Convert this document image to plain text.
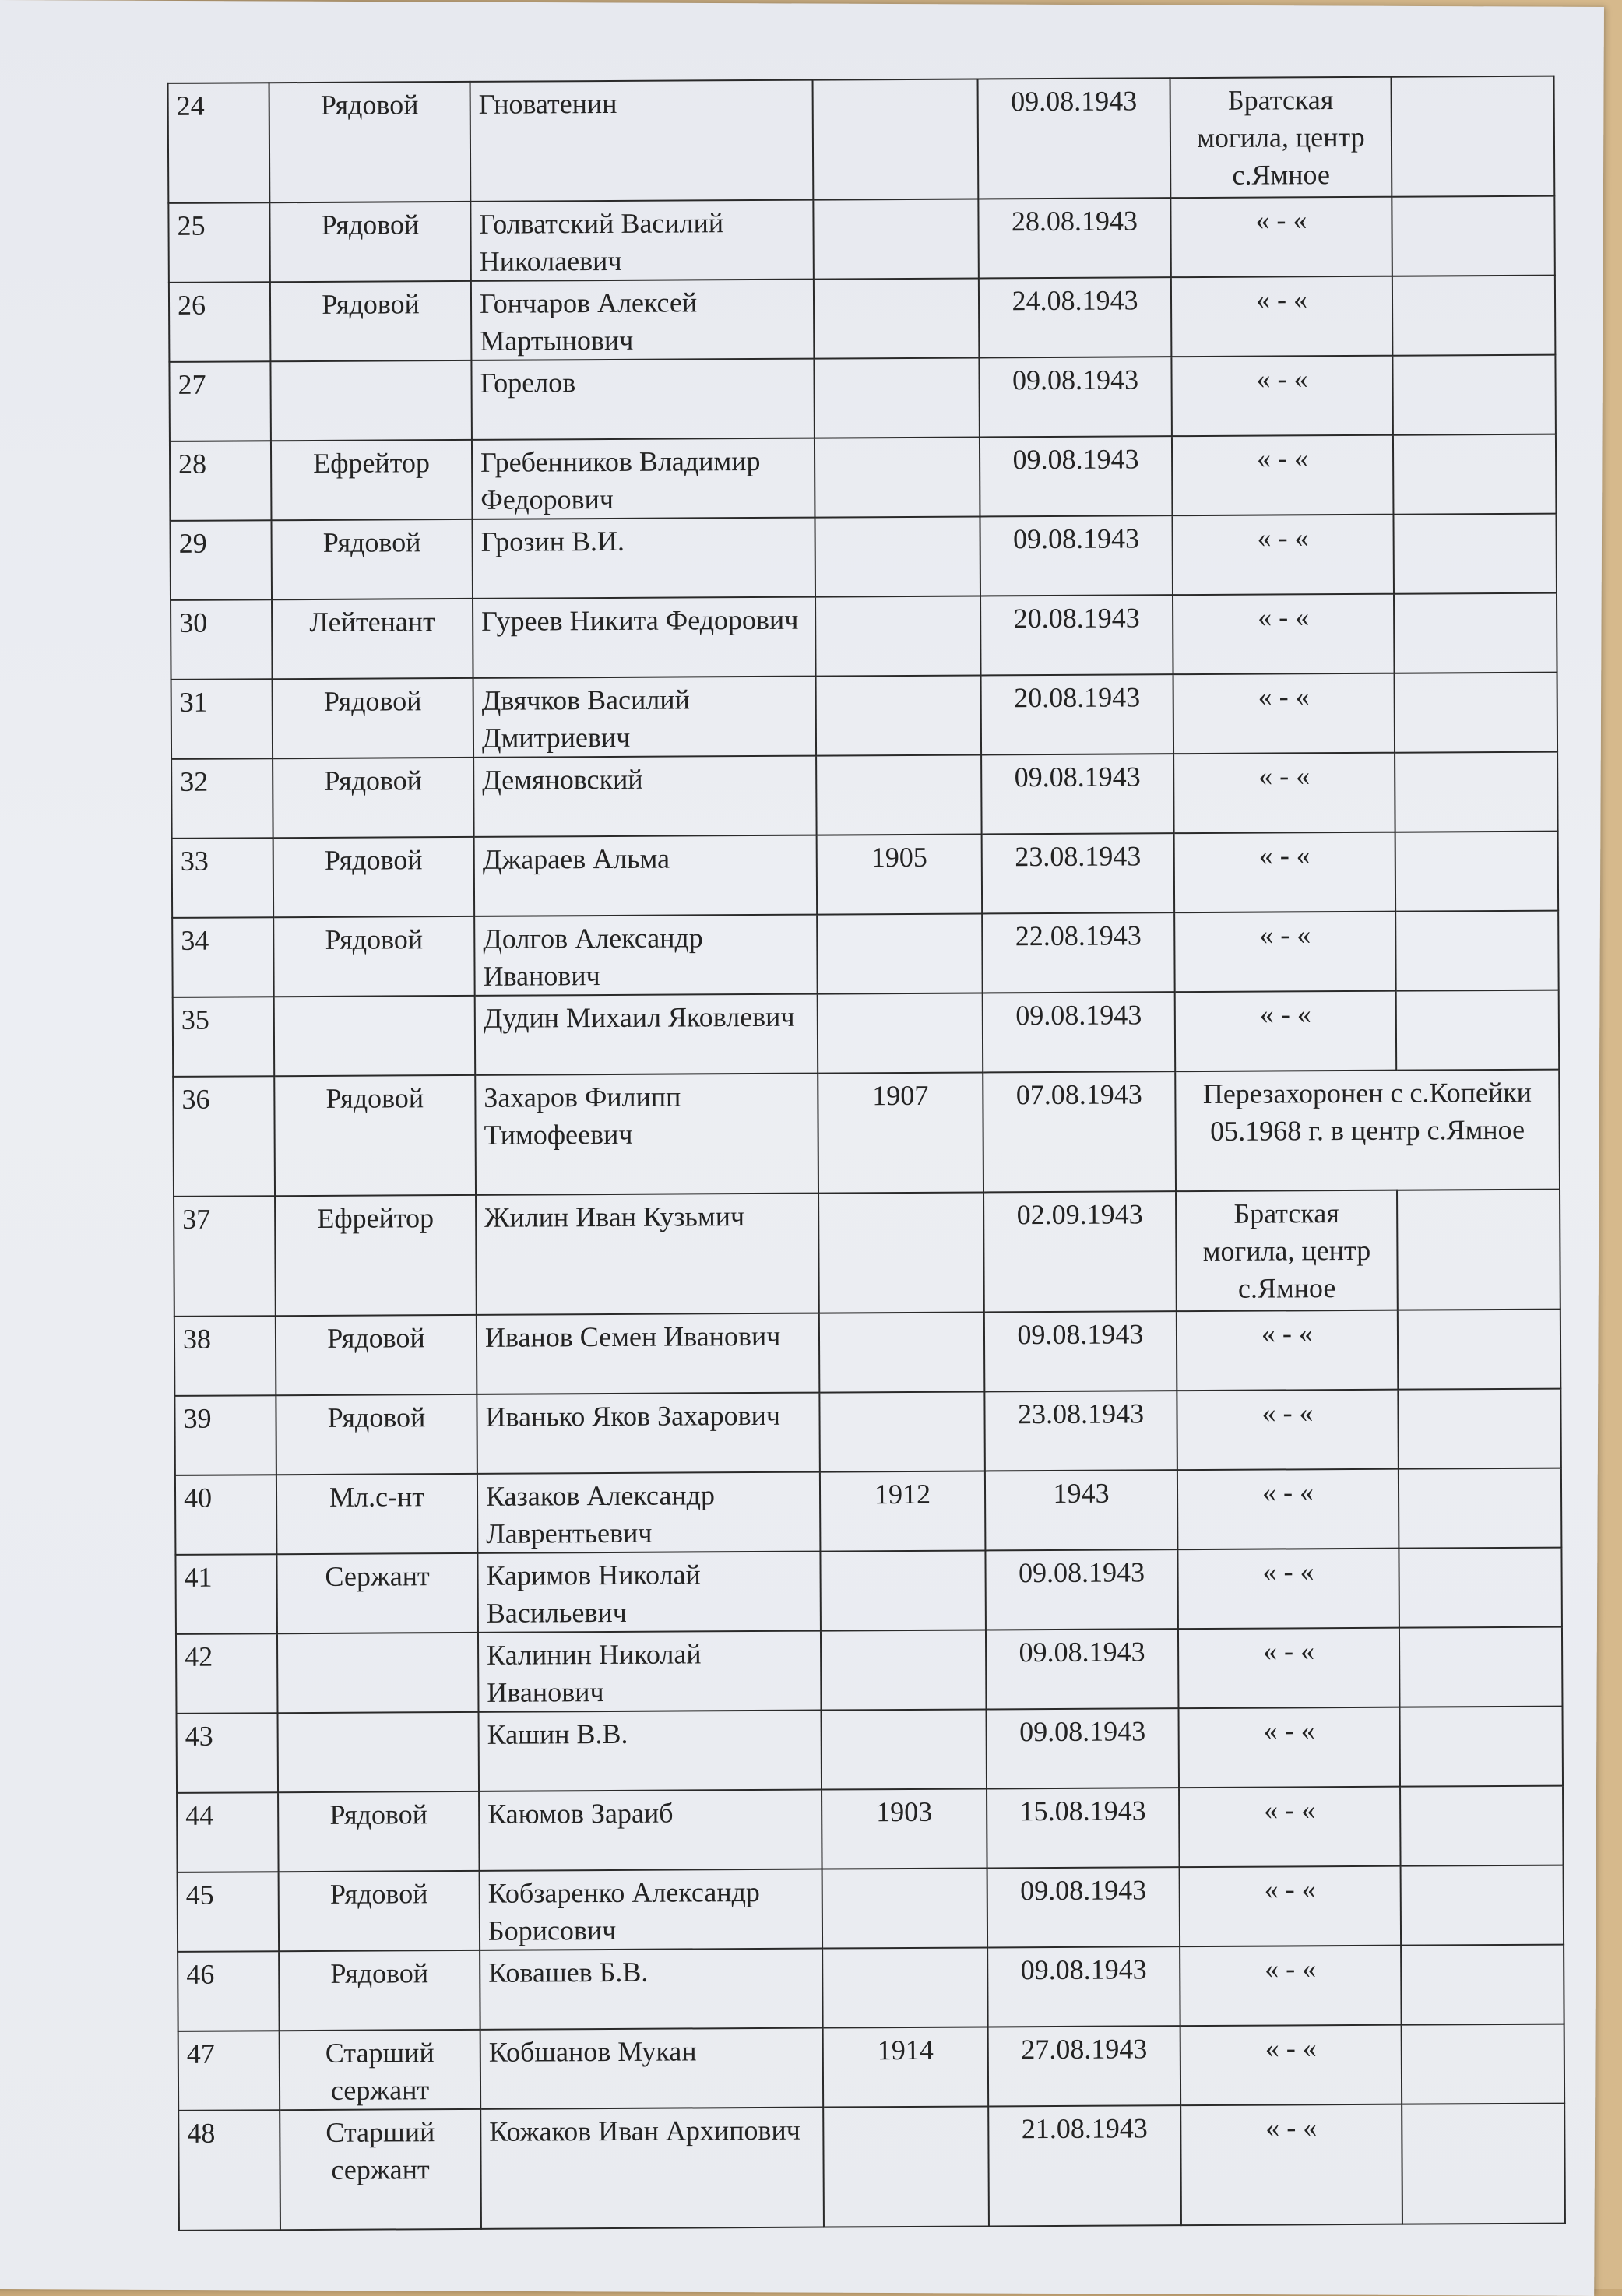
24	Рядовой	Гноватенин		09.08.1943	Братская могила, центр с.Ямное	
25	Рядовой	Голватский Василий Николаевич		28.08.1943	« - «	
26	Рядовой	Гончаров Алексей Мартынович		24.08.1943	« - «	
27		Горелов		09.08.1943	« - «	
28	Ефрейтор	Гребенников Владимир Федорович		09.08.1943	« - «	
29	Рядовой	Грозин В.И.		09.08.1943	« - «	
30	Лейтенант	Гуреев Никита Федорович		20.08.1943	« - «	
31	Рядовой	Двячков Василий Дмитриевич		20.08.1943	« - «	
32	Рядовой	Демяновский		09.08.1943	« - «	
33	Рядовой	Джараев Альма	1905	23.08.1943	« - «	
34	Рядовой	Долгов Александр Иванович		22.08.1943	« - «	
35		Дудин Михаил Яковлевич		09.08.1943	« - «	
36	Рядовой	Захаров Филипп Тимофеевич	1907	07.08.1943	Перезахоронен с с.Копейки 05.1968 г. в центр с.Ямное	
37	Ефрейтор	Жилин Иван Кузьмич		02.09.1943	Братская могила, центр с.Ямное	
38	Рядовой	Иванов Семен Иванович		09.08.1943	« - «	
39	Рядовой	Иванько Яков Захарович		23.08.1943	« - «	
40	Мл.с-нт	Казаков Александр Лаврентьевич	1912	1943	« - «	
41	Сержант	Каримов Николай Васильевич		09.08.1943	« - «	
42		Калинин Николай Иванович		09.08.1943	« - «	
43		Кашин В.В.		09.08.1943	« - «	
44	Рядовой	Каюмов Зараиб	1903	15.08.1943	« - «	
45	Рядовой	Кобзаренко Александр Борисович		09.08.1943	« - «	
46	Рядовой	Ковашев Б.В.		09.08.1943	« - «	
47	Старший сержант	Кобшанов Мукан	1914	27.08.1943	« - «	
48	Старший сержант	Кожаков Иван Архипович		21.08.1943	« - «	
